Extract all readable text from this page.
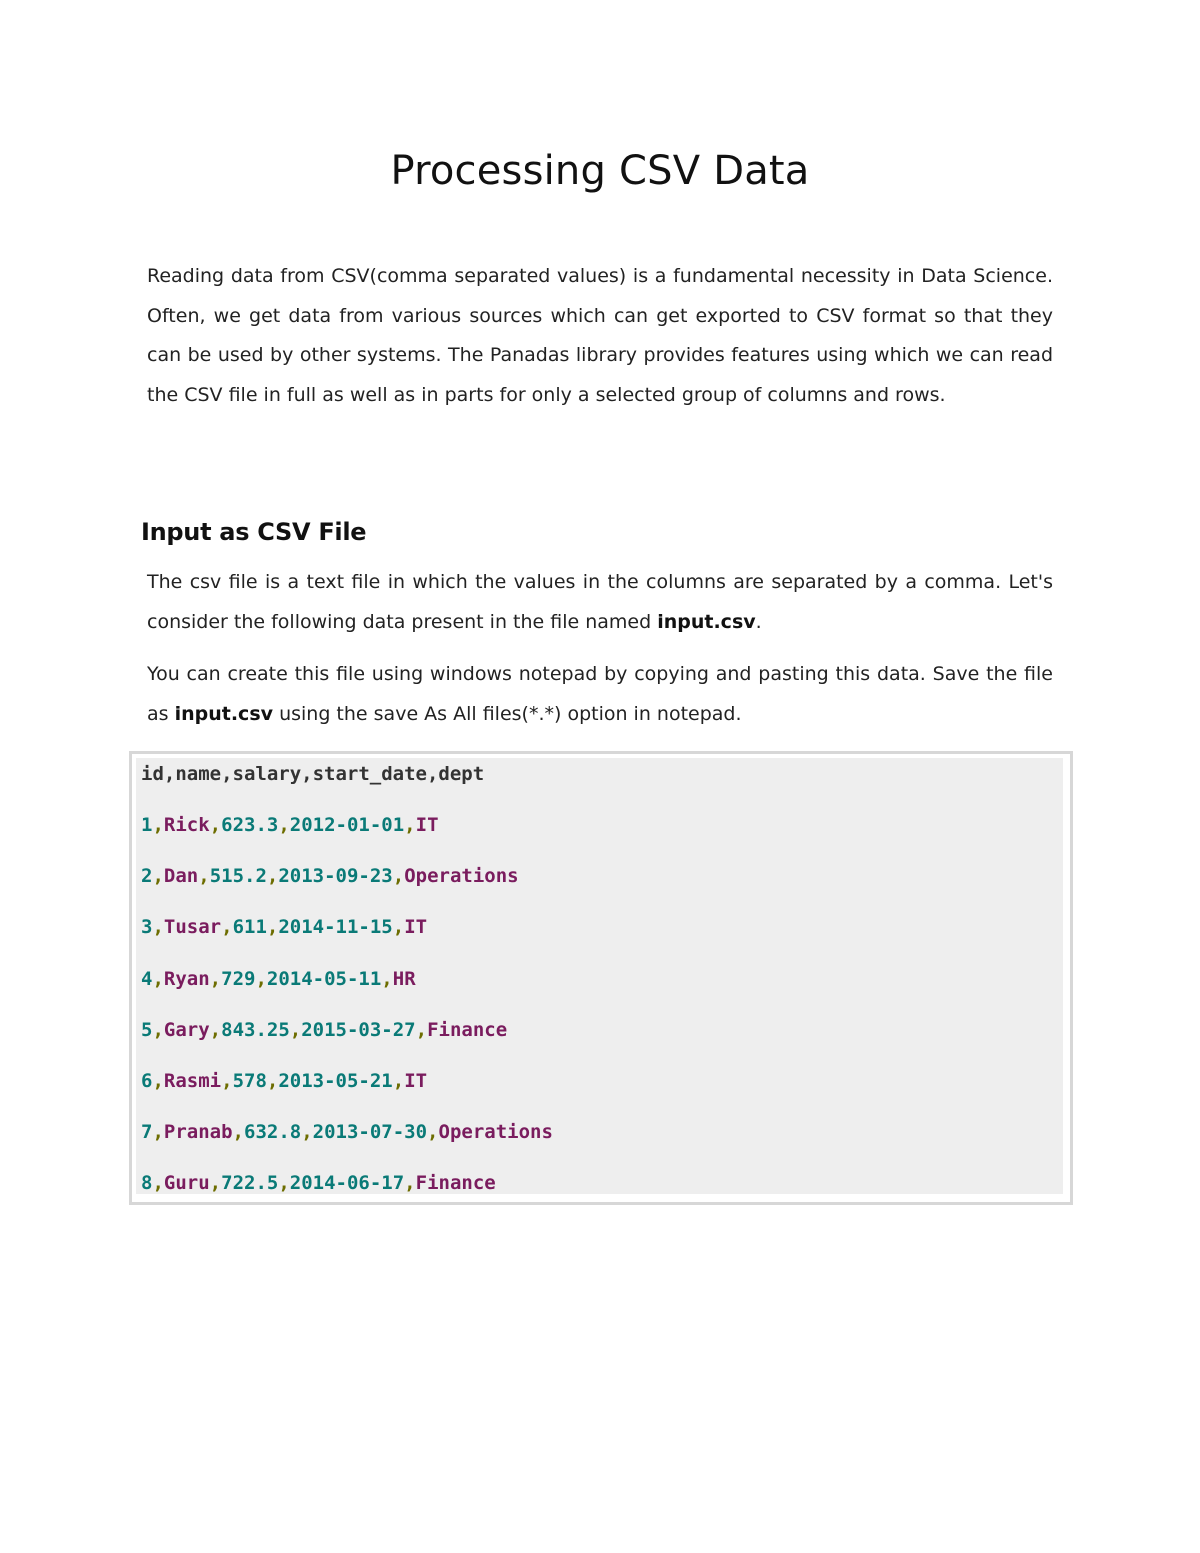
Processing CSV Data

Reading data from CSV(comma separated values) is a fundamental necessity in Data Science. Often, we get data from various sources which can get exported to CSV format so that they can be used by other systems. The Panadas library provides features using which we can read the CSV file in full as well as in parts for only a selected group of columns and rows.

Input as CSV File

The csv file is a text file in which the values in the columns are separated by a comma. Let's consider the following data present in the file named input.csv.

You can create this file using windows notepad by copying and pasting this data. Save the file as input.csv using the save As All files(*.*) option in notepad.

id,name,salary,start_date,dept
1,Rick,623.3,2012-01-01,IT
2,Dan,515.2,2013-09-23,Operations
3,Tusar,611,2014-11-15,IT
4,Ryan,729,2014-05-11,HR
5,Gary,843.25,2015-03-27,Finance
6,Rasmi,578,2013-05-21,IT
7,Pranab,632.8,2013-07-30,Operations
8,Guru,722.5,2014-06-17,Finance
